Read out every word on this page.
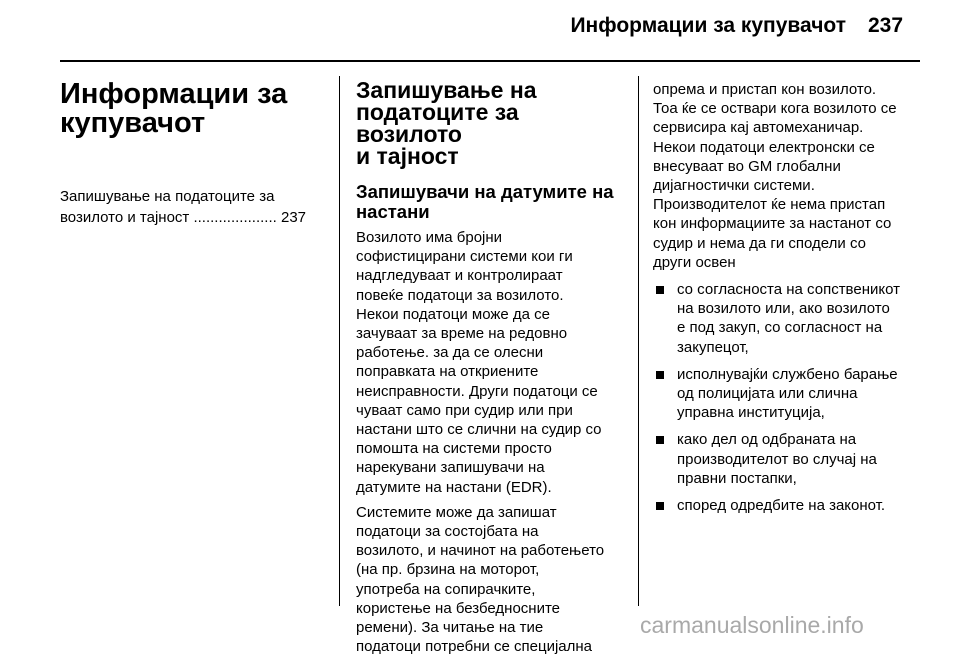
Информации за купувачот 237
Информации за
купувачот
Запишување на податоците за
возилото и тајност .................... 237
Запишување на
податоците за возилото
и тајност
Запишувачи на датумите на
настани
Возилото има бројни
софистицирани системи кои ги
надгледуваат и контролираат
повеќе податоци за возилото.
Некои податоци може да се
зачуваат за време на редовно
работење. за да се олесни
поправката на откриените
неисправности. Други податоци се
чуваат само при судир или при
настани што се слични на судир со
помошта на системи просто
нарекувани запишувачи на
датумите на настани (EDR).
Системите може да запишат
податоци за состојбата на
возилото, и начинот на работењето
(на пр. брзина на моторот,
употреба на сопирачките,
користење на безбедносните
ремени). За читање на тие
податоци потребни се специјална
опрема и пристап кон возилото.
Тоа ќе се оствари кога возилото се
сервисира кај автомеханичар.
Некои податоци електронски се
внесуваат во GM глобални
дијагностички системи.
Производителот ќе нема пристап
кон информациите за настанот со
судир и нема да ги сподели со
други освен
со согласноста на сопственикот
на возилото или, ако возилото
е под закуп, со согласност на
закупецот,
исполнувајќи службено барање
од полицијата или слична
управна институција,
како дел од одбраната на
производителот во случај на
правни постапки,
според одредбите на законот.
carmanualsonline.info
